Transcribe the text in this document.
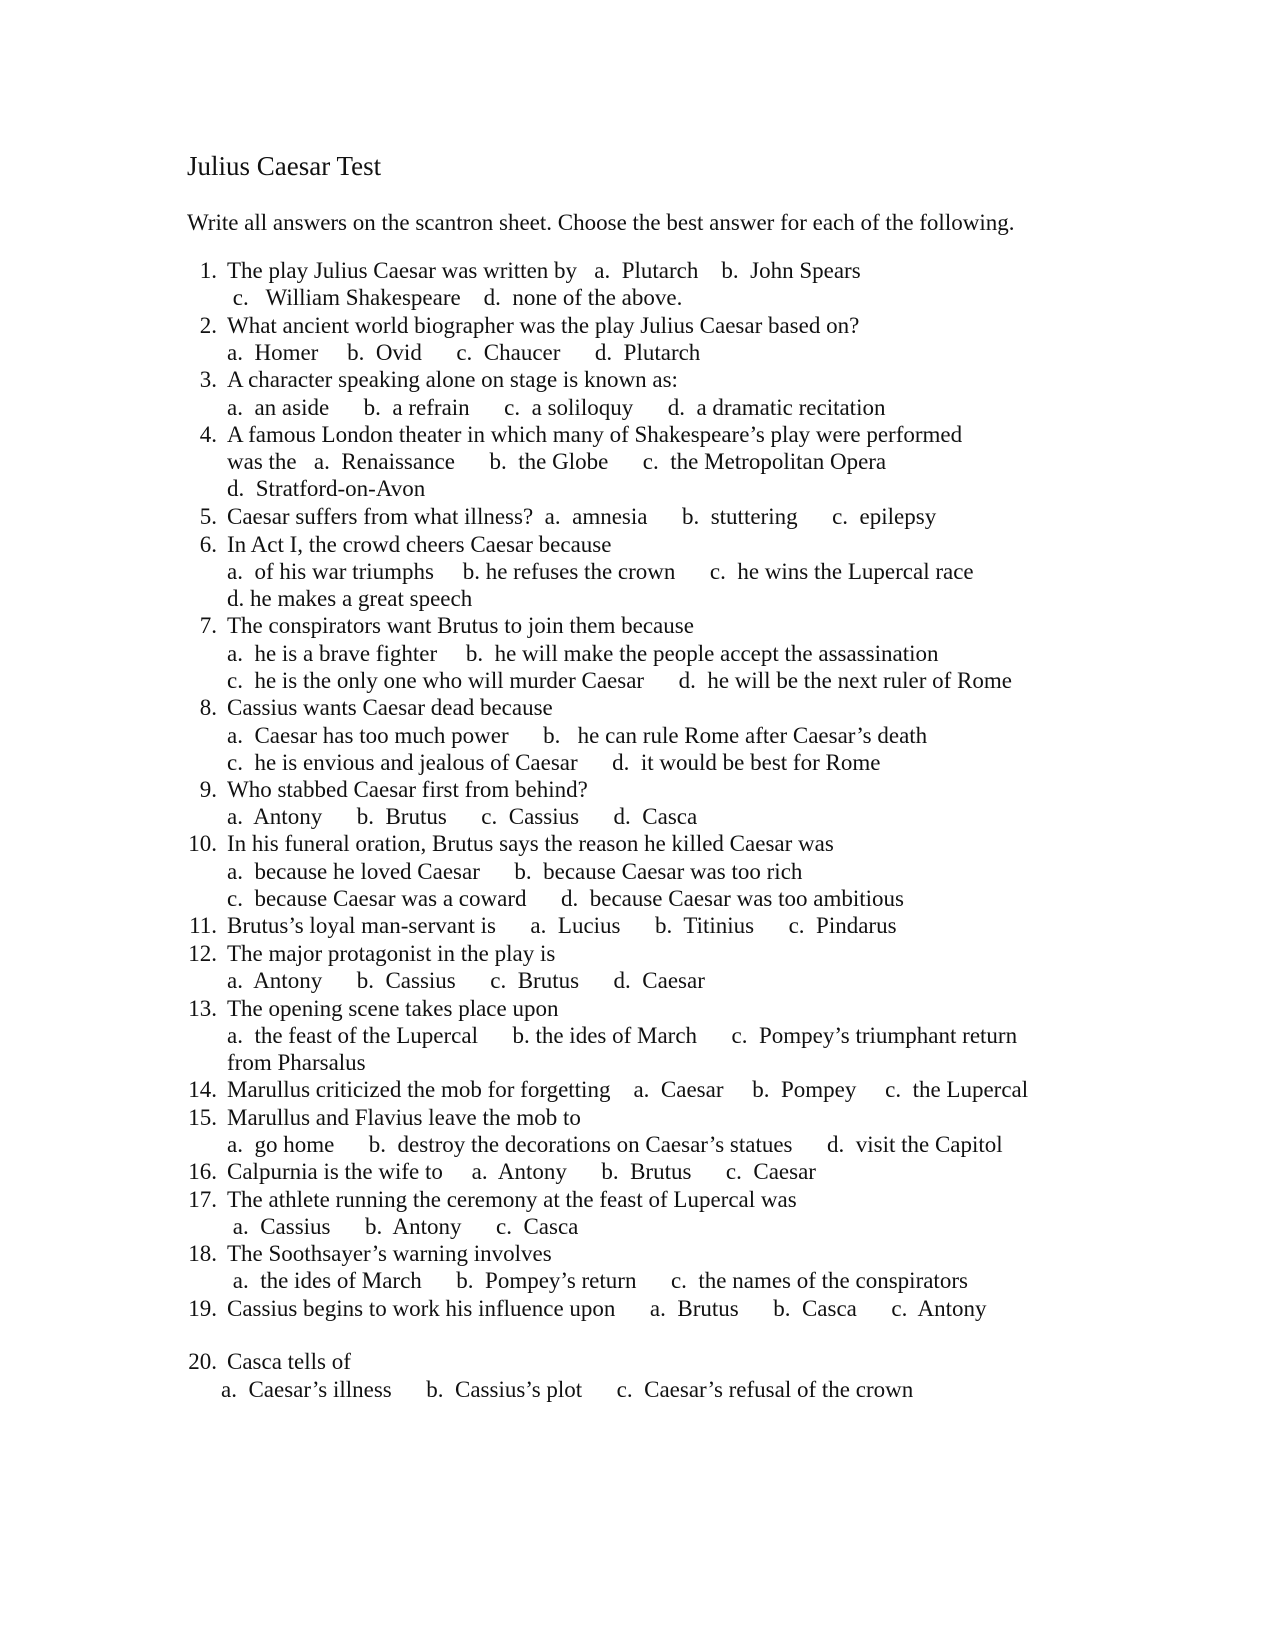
Julius Caesar Test
Write all answers on the scantron sheet. Choose the best answer for each of the following.
1. The play Julius Caesar was written by   a.  Plutarch    b.  John Spears
c.   William Shakespeare    d.  none of the above.
2. What ancient world biographer was the play Julius Caesar based on?
a.  Homer     b.  Ovid      c.  Chaucer      d.  Plutarch
3. A character speaking alone on stage is known as:
a.  an aside      b.  a refrain      c.  a soliloquy      d.  a dramatic recitation
4. A famous London theater in which many of Shakespeare’s play were performed
was the   a.  Renaissance      b.  the Globe      c.  the Metropolitan Opera
d.  Stratford-on-Avon
5. Caesar suffers from what illness?  a.  amnesia      b.  stuttering      c.  epilepsy
6. In Act I, the crowd cheers Caesar because
a.  of his war triumphs     b. he refuses the crown      c.  he wins the Lupercal race
d. he makes a great speech
7. The conspirators want Brutus to join them because
a.  he is a brave fighter     b.  he will make the people accept the assassination
c.  he is the only one who will murder Caesar      d.  he will be the next ruler of Rome
8. Cassius wants Caesar dead because
a.  Caesar has too much power      b.   he can rule Rome after Caesar’s death
c.  he is envious and jealous of Caesar      d.  it would be best for Rome
9. Who stabbed Caesar first from behind?
a.  Antony      b.  Brutus      c.  Cassius      d.  Casca
10. In his funeral oration, Brutus says the reason he killed Caesar was
a.  because he loved Caesar      b.  because Caesar was too rich
c.  because Caesar was a coward      d.  because Caesar was too ambitious
11. Brutus’s loyal man-servant is      a.  Lucius      b.  Titinius      c.  Pindarus
12. The major protagonist in the play is
a.  Antony      b.  Cassius      c.  Brutus      d.  Caesar
13. The opening scene takes place upon
a.  the feast of the Lupercal      b. the ides of March      c.  Pompey’s triumphant return
from Pharsalus
14. Marullus criticized the mob for forgetting    a.  Caesar     b.  Pompey     c.  the Lupercal
15. Marullus and Flavius leave the mob to
a.  go home      b.  destroy the decorations on Caesar’s statues      d.  visit the Capitol
16. Calpurnia is the wife to     a.  Antony      b.  Brutus      c.  Caesar
17. The athlete running the ceremony at the feast of Lupercal was
a.  Cassius      b.  Antony      c.  Casca
18. The Soothsayer’s warning involves
a.  the ides of March      b.  Pompey’s return      c.  the names of the conspirators
19. Cassius begins to work his influence upon      a.  Brutus      b.  Casca      c.  Antony
20. Casca tells of
a.  Caesar’s illness      b.  Cassius’s plot      c.  Caesar’s refusal of the crown
